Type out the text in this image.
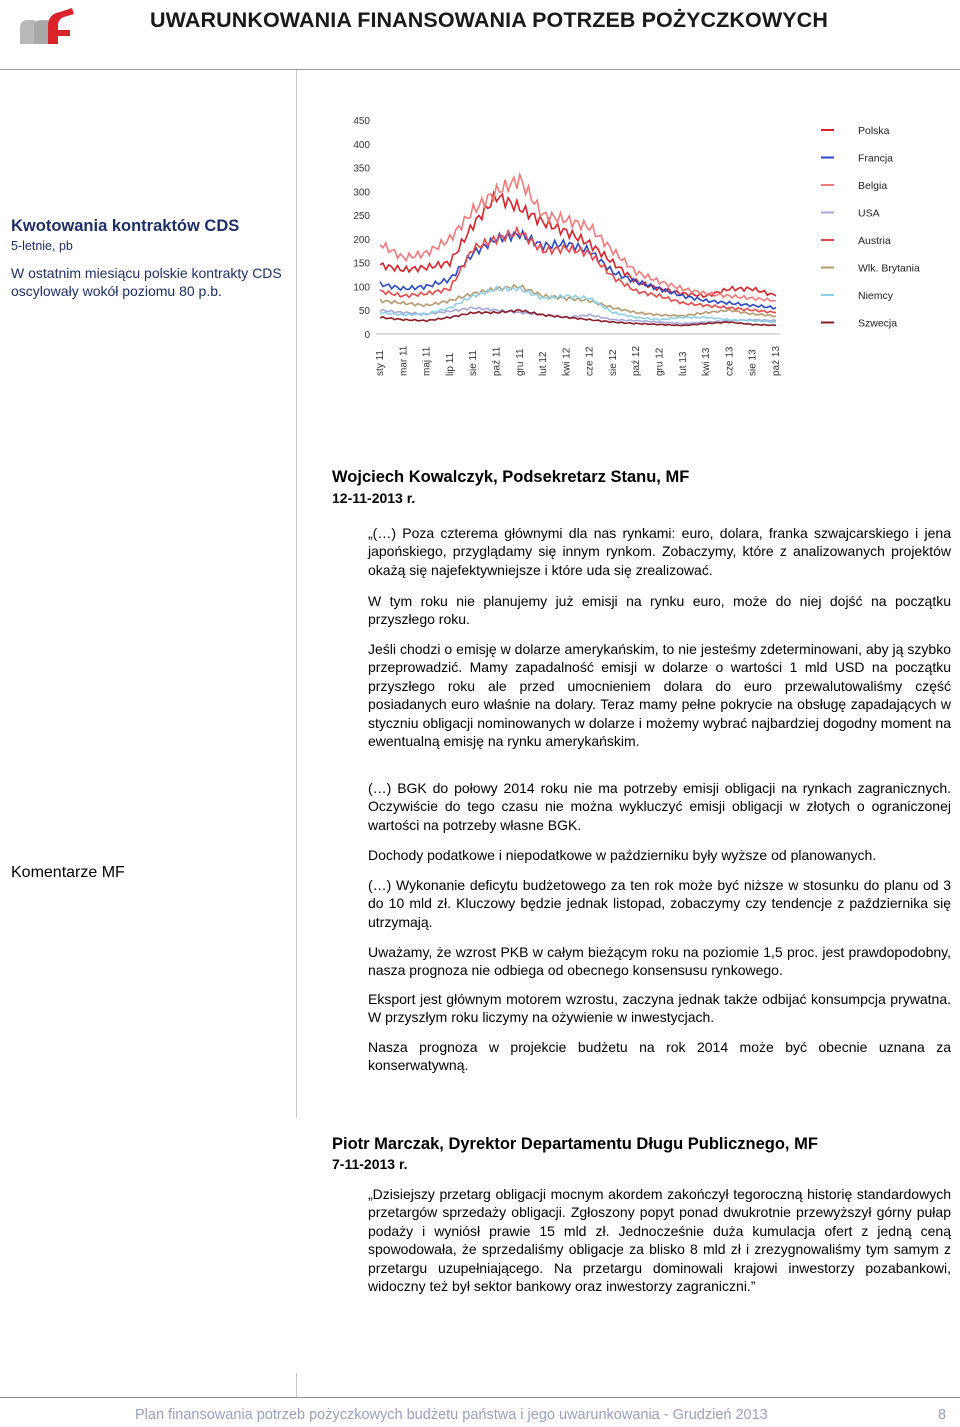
UWARUNKOWANIA FINANSOWANIA POTRZEB POŻYCZKOWYCH
Kwotowania kontraktów CDS
5-letnie, pb
W ostatnim miesiącu polskie kontrakty CDS oscylowały wokół poziomu 80 p.b.
Komentarze MF
0
50
100
150
200
250
300
350
400
450
sty 11 mar 11 maj 11 lip 11 sie 11 paź 11 gru 11 lut 12 kwi 12 cze 12 sie 12 paź 12 gru 12 lut 13 kwi 13 cze 13 sie 13 paź 13
Polska
Francja
Belgia
USA
Austria
Wlk. Brytania
Niemcy
Szwecja
Wojciech Kowalczyk, Podsekretarz Stanu, MF
12-11-2013 r.
„(…) Poza czterema głównymi dla nas rynkami: euro, dolara, franka szwajcarskiego i jena japońskiego, przyglądamy się innym rynkom. Zobaczymy, które z analizowanych projektów okażą się najefektywniejsze i które uda się zrealizować.
W tym roku nie planujemy już emisji na rynku euro, może do niej dojść na początku przyszłego roku.
Jeśli chodzi o emisję w dolarze amerykańskim, to nie jesteśmy zdeterminowani, aby ją szybko przeprowadzić. Mamy zapadalność emisji w dolarze o wartości 1 mld USD na początku przyszłego roku ale przed umocnieniem dolara do euro przewalutowaliśmy część posiadanych euro właśnie na dolary. Teraz mamy pełne pokrycie na obsługę zapadających w styczniu obligacji nominowanych w dolarze i możemy wybrać najbardziej dogodny moment na ewentualną emisję na rynku amerykańskim.
(…) BGK do połowy 2014 roku nie ma potrzeby emisji obligacji na rynkach zagranicznych. Oczywiście do tego czasu nie można wykluczyć emisji obligacji w złotych o ograniczonej wartości na potrzeby własne BGK.
Dochody podatkowe i niepodatkowe w październiku były wyższe od planowanych.
(…) Wykonanie deficytu budżetowego za ten rok może być niższe w stosunku do planu od 3 do 10 mld zł. Kluczowy będzie jednak listopad, zobaczymy czy tendencje z października się utrzymają.
Uważamy, że wzrost PKB w całym bieżącym roku na poziomie 1,5 proc. jest prawdopodobny, nasza prognoza nie odbiega od obecnego konsensusu rynkowego.
Eksport jest głównym motorem wzrostu, zaczyna jednak także odbijać konsumpcja prywatna. W przyszłym roku liczymy na ożywienie w inwestycjach.
Nasza prognoza w projekcie budżetu na rok 2014 może być obecnie uznana za konserwatywną.
Piotr Marczak, Dyrektor Departamentu Długu Publicznego, MF
7-11-2013 r.
„Dzisiejszy przetarg obligacji mocnym akordem zakończył tegoroczną historię standardowych przetargów sprzedaży obligacji. Zgłoszony popyt ponad dwukrotnie przewyższył górny pułap podaży i wyniósł prawie 15 mld zł. Jednocześnie duża kumulacja ofert z jedną ceną spowodowała, że sprzedaliśmy obligacje za blisko 8 mld zł i zrezygnowaliśmy tym samym z przetargu uzupełniającego. Na przetargu dominowali krajowi inwestorzy pozabankowi, widoczny też był sektor bankowy oraz inwestorzy zagraniczni.”
Plan finansowania potrzeb pożyczkowych budżetu państwa i jego uwarunkowania - Grudzień 2013	8
